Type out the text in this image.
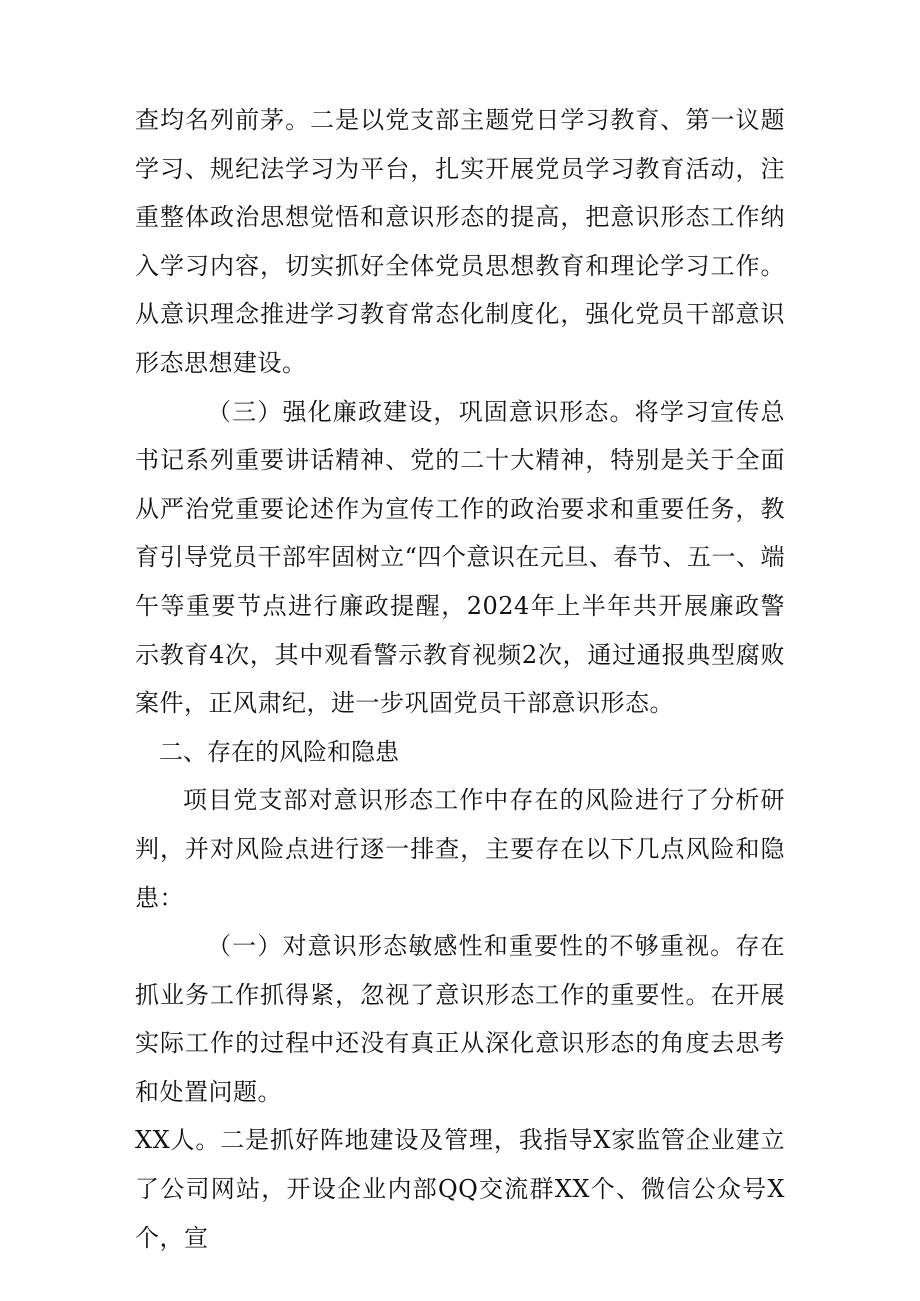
查均名列前茅。二是以党支部主题党日学习教育、第一议题学习、规纪法学习为平台，扎实开展党员学习教育活动，注重整体政治思想觉悟和意识形态的提高，把意识形态工作纳入学习内容，切实抓好全体党员思想教育和理论学习工作。从意识理念推进学习教育常态化制度化，强化党员干部意识形态思想建设。

（三）强化廉政建设，巩固意识形态。将学习宣传总书记系列重要讲话精神、党的二十大精神，特别是关于全面从严治党重要论述作为宣传工作的政治要求和重要任务，教育引导党员干部牢固树立“四个意识在元旦、春节、五一、端午等重要节点进行廉政提醒，2024年上半年共开展廉政警示教育4次，其中观看警示教育视频2次，通过通报典型腐败案件，正风肃纪，进一步巩固党员干部意识形态。

二、存在的风险和隐患

项目党支部对意识形态工作中存在的风险进行了分析研判，并对风险点进行逐一排查，主要存在以下几点风险和隐患：

（一）对意识形态敏感性和重要性的不够重视。存在抓业务工作抓得紧，忽视了意识形态工作的重要性。在开展实际工作的过程中还没有真正从深化意识形态的角度去思考和处置问题。

XX人。二是抓好阵地建设及管理，我指导X家监管企业建立了公司网站，开设企业内部QQ交流群XX个、微信公众号X个，宣
